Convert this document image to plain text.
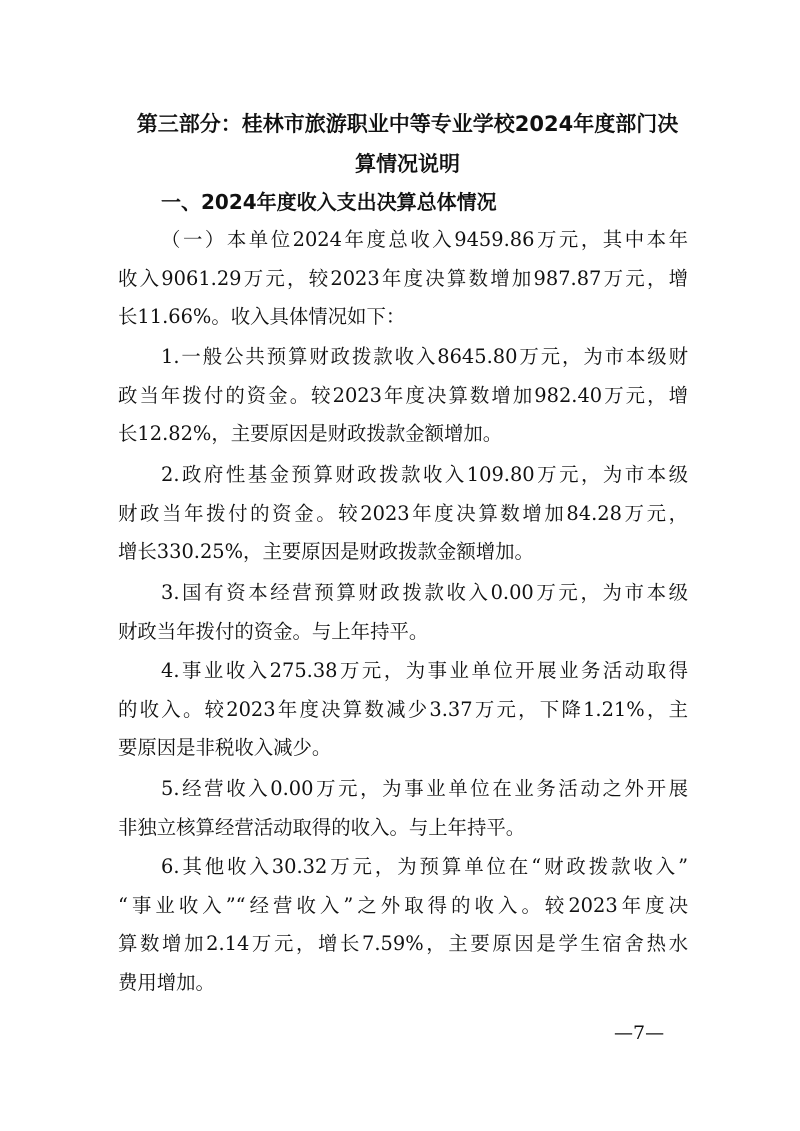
第三部分：桂林市旅游职业中等专业学校2024年度部门决
算情况说明
一、2024年度收入支出决算总体情况
（一）本单位2024年度总收入9459.86万元，其中本年
收入9061.29万元，较2023年度决算数增加987.87万元，增
长11.66%。收入具体情况如下：
1.一般公共预算财政拨款收入8645.80万元，为市本级财
政当年拨付的资金。较2023年度决算数增加982.40万元，增
长12.82%，主要原因是财政拨款金额增加。
2.政府性基金预算财政拨款收入109.80万元，为市本级
财政当年拨付的资金。较2023年度决算数增加84.28万元，
增长330.25%，主要原因是财政拨款金额增加。
3.国有资本经营预算财政拨款收入0.00万元，为市本级
财政当年拨付的资金。与上年持平。
4.事业收入275.38万元，为事业单位开展业务活动取得
的收入。较2023年度决算数减少3.37万元，下降1.21%，主
要原因是非税收入减少。
5.经营收入0.00万元，为事业单位在业务活动之外开展
非独立核算经营活动取得的收入。与上年持平。
6.其他收入30.32万元，为预算单位在“财政拨款收入”
“事业收入”“经营收入”之外取得的收入。较2023年度决
算数增加2.14万元，增长7.59%，主要原因是学生宿舍热水
费用增加。
—7—
